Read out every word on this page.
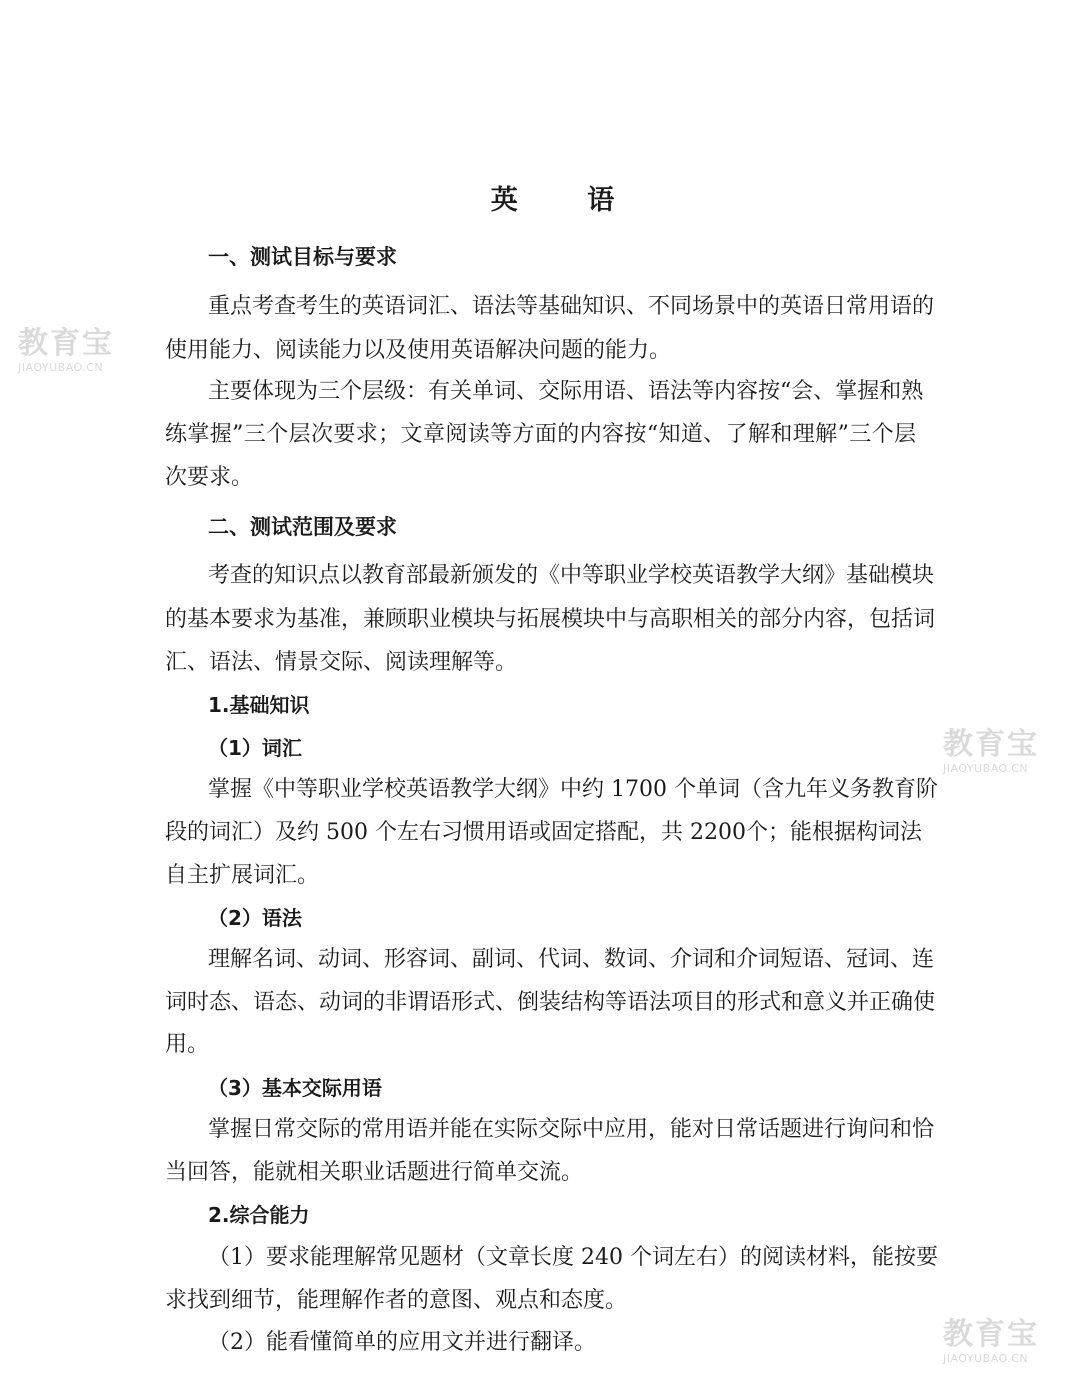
英 语
一、测试目标与要求
重点考查考生的英语词汇、语法等基础知识、不同场景中的英语日常用语的
使用能力、阅读能力以及使用英语解决问题的能力。
主要体现为三个层级：有关单词、交际用语、语法等内容按“会、掌握和熟
练掌握”三个层次要求；文章阅读等方面的内容按“知道、了解和理解”三个层
次要求。
二、测试范围及要求
考查的知识点以教育部最新颁发的《中等职业学校英语教学大纲》基础模块
的基本要求为基准，兼顾职业模块与拓展模块中与高职相关的部分内容，包括词
汇、语法、情景交际、阅读理解等。
1.基础知识
（1）词汇
掌握《中等职业学校英语教学大纲》中约 1700 个单词（含九年义务教育阶
段的词汇）及约 500 个左右习惯用语或固定搭配，共 2200个；能根据构词法
自主扩展词汇。
（2）语法
理解名词、动词、形容词、副词、代词、数词、介词和介词短语、冠词、连
词时态、语态、动词的非谓语形式、倒装结构等语法项目的形式和意义并正确使
用。
（3）基本交际用语
掌握日常交际的常用语并能在实际交际中应用，能对日常话题进行询问和恰
当回答，能就相关职业话题进行简单交流。
2.综合能力
（1）要求能理解常见题材（文章长度 240 个词左右）的阅读材料，能按要
求找到细节，能理解作者的意图、观点和态度。
（2）能看懂简单的应用文并进行翻译。
教育宝
JIAOYUBAO.CN
教育宝
JIAOYUBAO.CN
教育宝
JIAOYUBAO.CN
